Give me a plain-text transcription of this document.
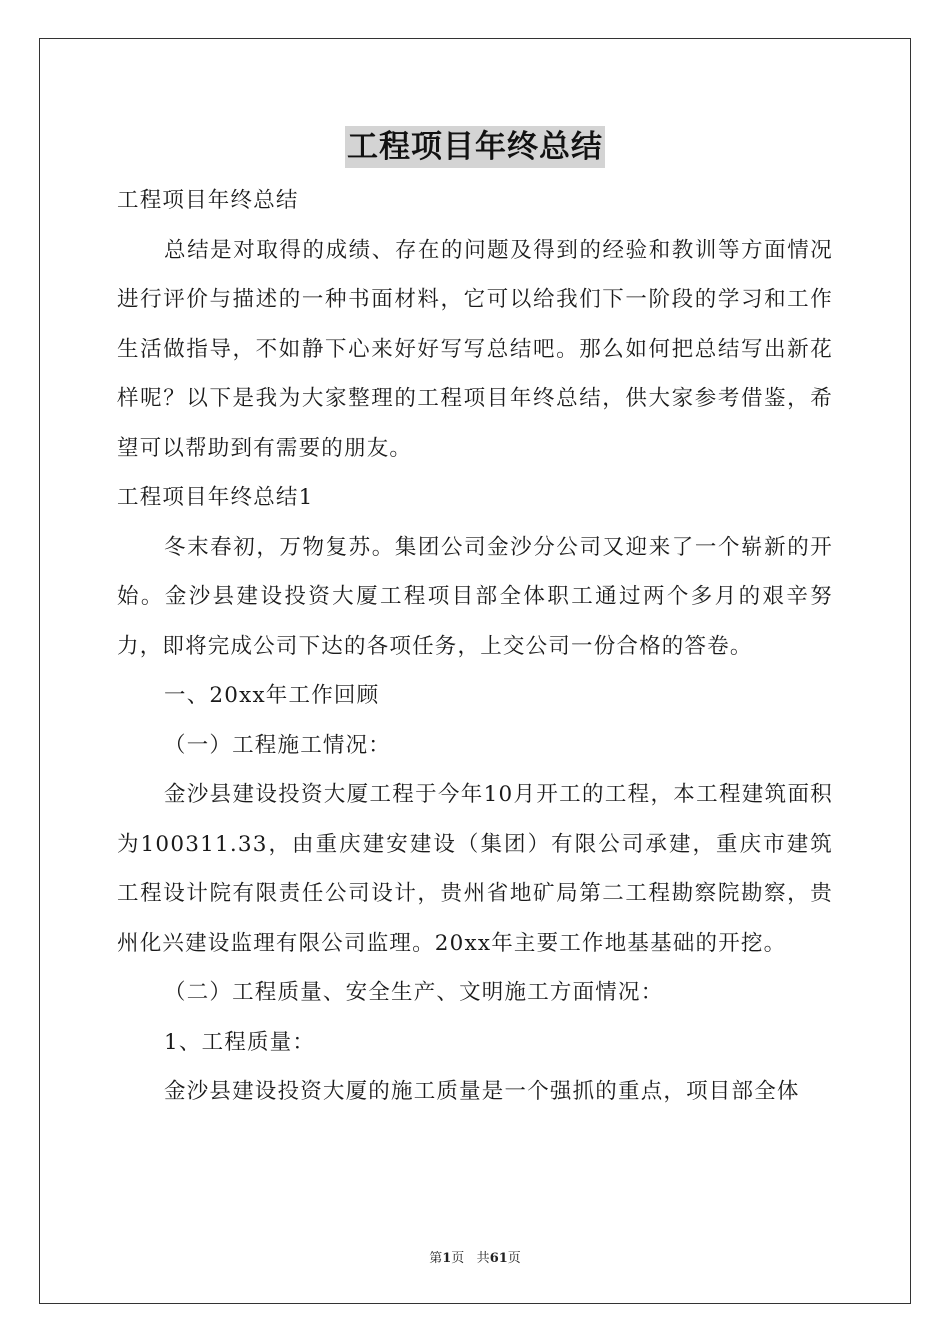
工程项目年终总结

工程项目年终总结

总结是对取得的成绩、存在的问题及得到的经验和教训等方面情况进行评价与描述的一种书面材料，它可以给我们下一阶段的学习和工作生活做指导，不如静下心来好好写写总结吧。那么如何把总结写出新花样呢？以下是我为大家整理的工程项目年终总结，供大家参考借鉴，希望可以帮助到有需要的朋友。

工程项目年终总结1

冬末春初，万物复苏。集团公司金沙分公司又迎来了一个崭新的开始。金沙县建设投资大厦工程项目部全体职工通过两个多月的艰辛努力，即将完成公司下达的各项任务，上交公司一份合格的答卷。

一、20xx年工作回顾

（一）工程施工情况：

金沙县建设投资大厦工程于今年10月开工的工程，本工程建筑面积为100311.33，由重庆建安建设（集团）有限公司承建，重庆市建筑工程设计院有限责任公司设计，贵州省地矿局第二工程勘察院勘察，贵州化兴建设监理有限公司监理。20xx年主要工作地基基础的开挖。

（二）工程质量、安全生产、文明施工方面情况：

1、工程质量：

金沙县建设投资大厦的施工质量是一个强抓的重点，项目部全体

第1页 共61页
